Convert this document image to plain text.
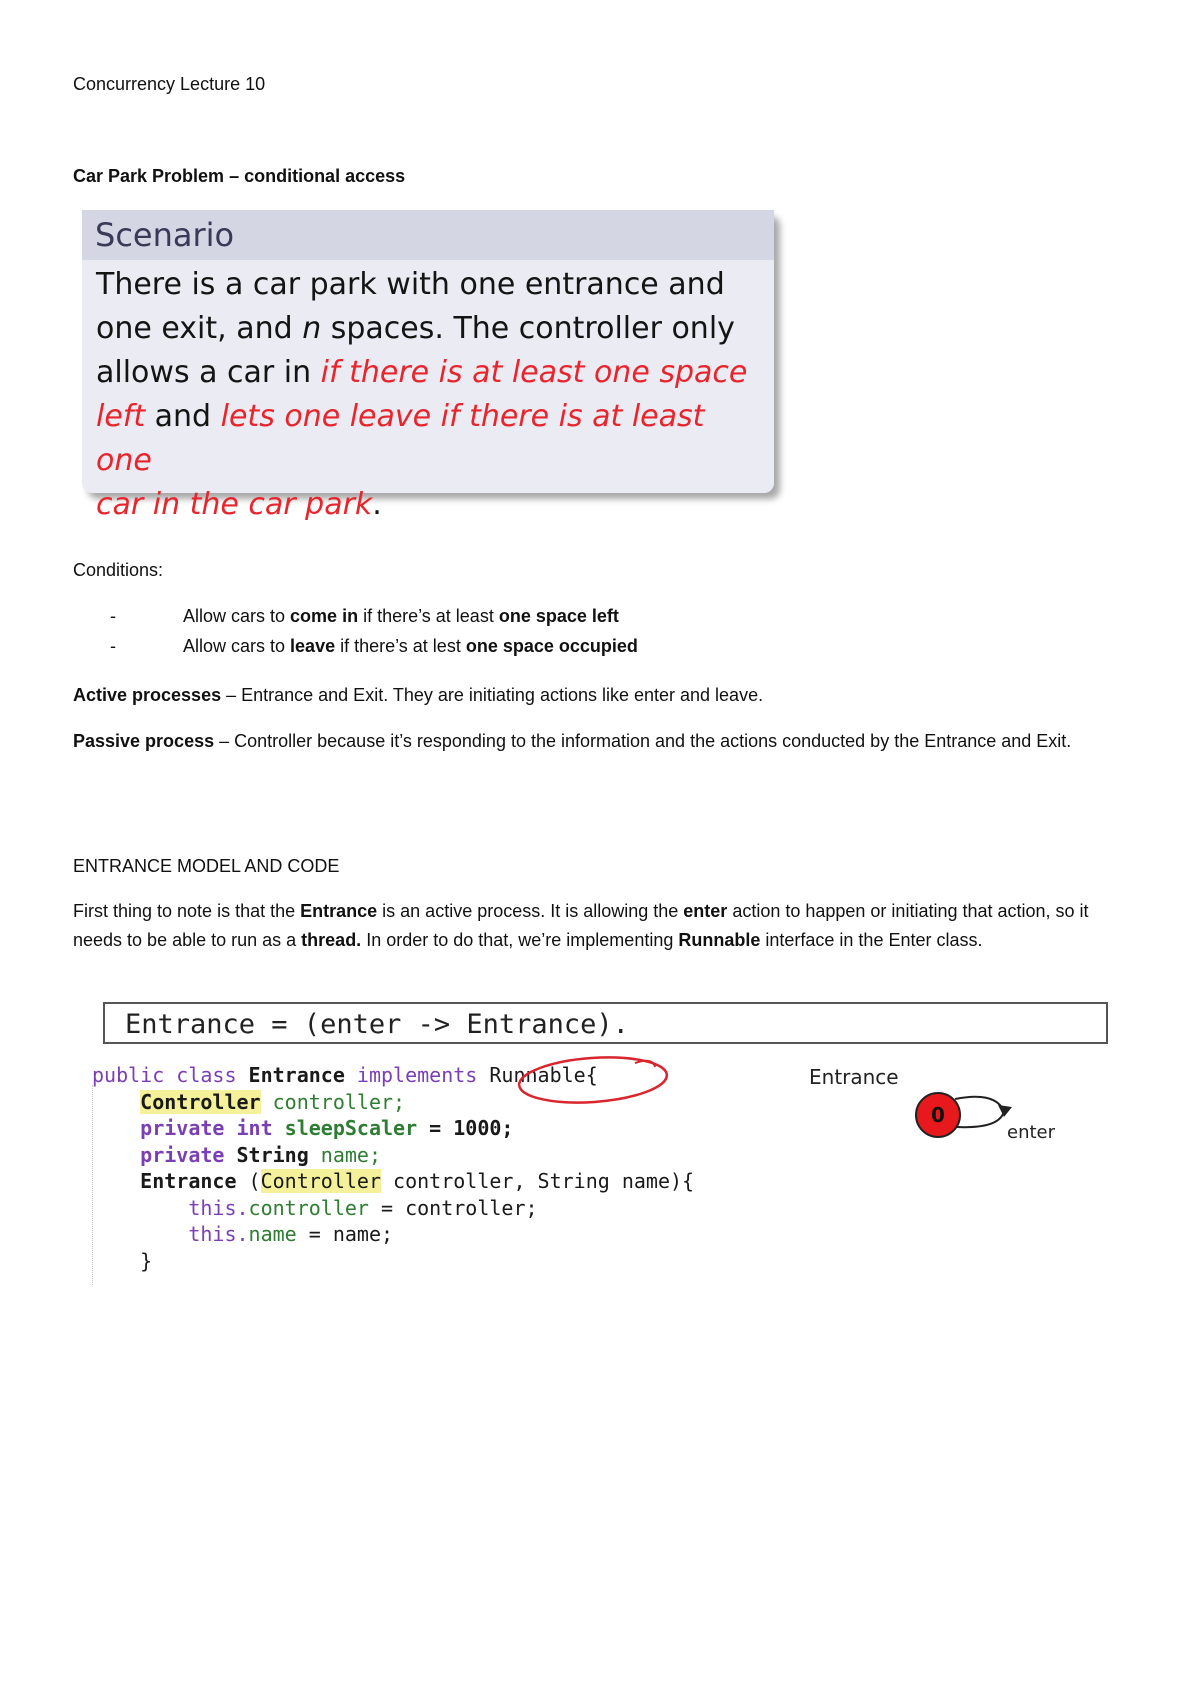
Concurrency Lecture 10
Car Park Problem – conditional access
Scenario
There is a car park with one entrance and
one exit, and n spaces. The controller only
allows a car in if there is at least one space
left and lets one leave if there is at least one
car in the car park.
Conditions:
-	Allow cars to come in if there’s at least one space left
-	Allow cars to leave if there’s at lest one space occupied
Active processes – Entrance and Exit. They are initiating actions like enter and leave.
Passive process – Controller because it’s responding to the information and the actions conducted by the Entrance and Exit.
ENTRANCE MODEL AND CODE
First thing to note is that the Entrance is an active process. It is allowing the enter action to happen or initiating that action, so it needs to be able to run as a thread. In order to do that, we’re implementing Runnable interface in the Enter class.
Entrance = (enter -> Entrance).
public class Entrance implements Runnable{
Controller controller;
private int sleepScaler = 1000;
private String name;
Entrance (Controller controller, String name){
this.controller = controller;
this.name = name;
}
Entrance
0
enter
